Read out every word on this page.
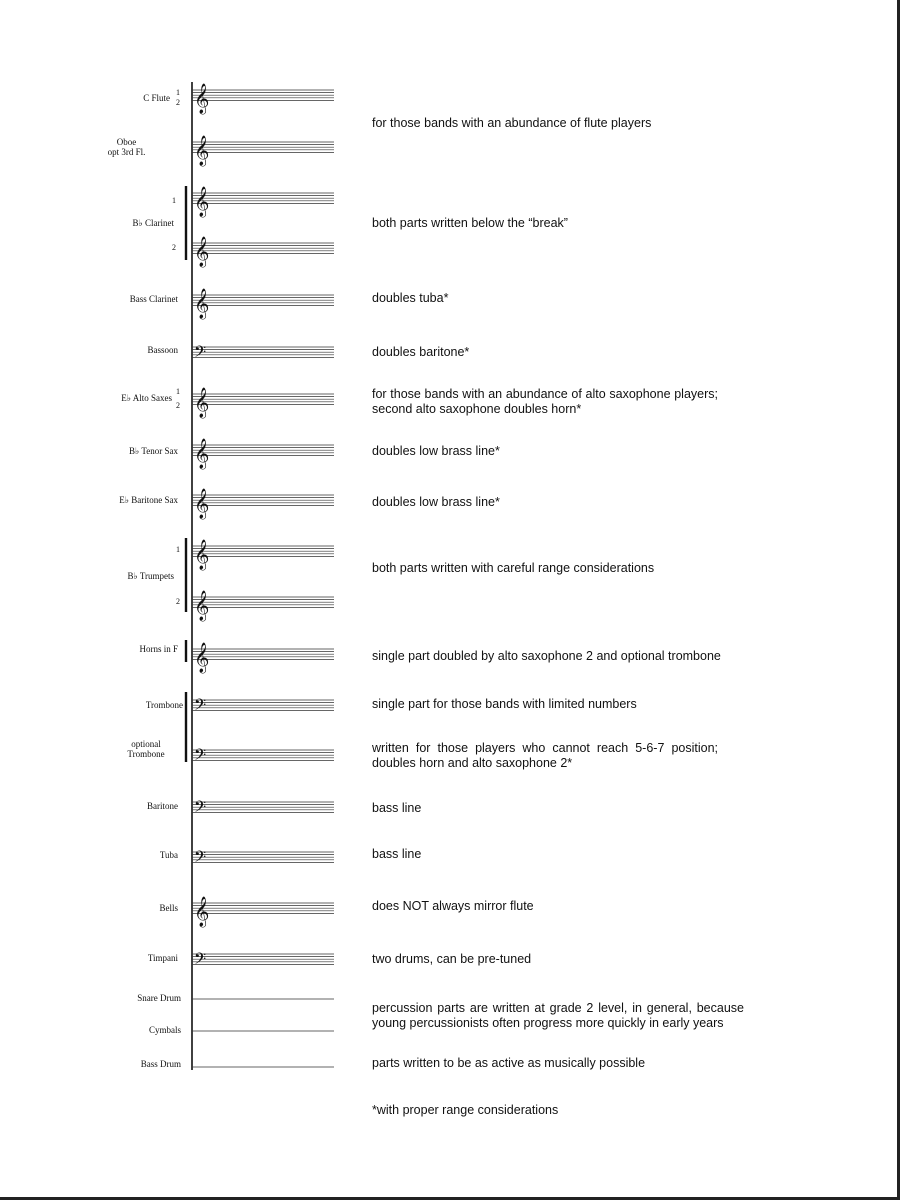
𝄞
𝄞
𝄞
𝄞
𝄞
𝄢
𝄞
𝄞
𝄞
𝄞
𝄞
𝄞
𝄢
𝄢
𝄢
𝄢
𝄞
𝄢
C Flute
1
2
Oboe
opt 3rd Fl.
B♭ Clarinet
1
2
Bass Clarinet
Bassoon
E♭ Alto Saxes
1
2
B♭ Tenor Sax
E♭ Baritone Sax
B♭ Trumpets
1
2
Horns in F
Trombone
optional
Trombone
Baritone
Tuba
Bells
Timpani
Snare Drum
Cymbals
Bass Drum
for those bands with an abundance of flute players
both parts written below the “break”
doubles tuba*
doubles baritone*
for those bands with an abundance of alto saxophone players; second alto saxophone doubles horn*
doubles low brass line*
doubles low brass line*
both parts written with careful range considerations
single part doubled by alto saxophone 2 and optional trombone
single part for those bands with limited numbers
written for those players who cannot reach 5-6-7 position; doubles horn and alto saxophone 2*
bass line
bass line
does NOT always mirror flute
two drums, can be pre-tuned
percussion parts are written at grade 2 level, in general, because young percussionists often progress more quickly in early years
parts written to be as active as musically possible
*with proper range considerations
